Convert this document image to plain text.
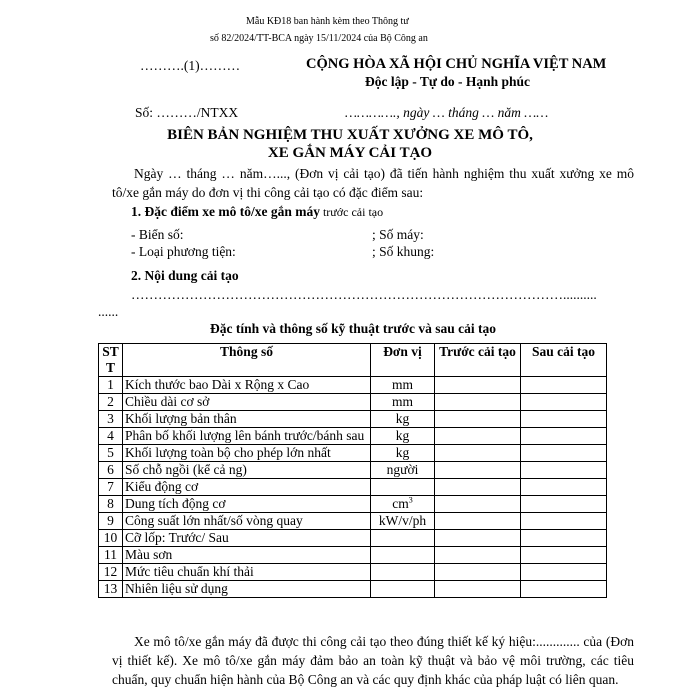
Mẫu KĐ18 ban hành kèm theo Thông tư
số 82/2024/TT-BCA ngày 15/11/2024 của Bộ Công an
……….(1)………	CỘNG HÒA XÃ HỘI CHỦ NGHĨA VIỆT NAM
Độc lập - Tự do - Hạnh phúc
Số: ………/NTXX	…………., ngày … tháng … năm ……
BIÊN BẢN NGHIỆM THU XUẤT XƯỞNG XE MÔ TÔ,
XE GẮN MÁY CẢI TẠO
Ngày … tháng … năm…..., (Đơn vị cải tạo) đã tiến hành nghiệm thu xuất xưởng xe mô tô/xe gắn máy do đơn vị thi công cải tạo có đặc điểm sau:
1. Đặc điểm xe mô tô/xe gắn máy trước cải tạo
- Biển số:	; Số máy:
- Loại phương tiện:	; Số khung:
2. Nội dung cải tạo
……………………………………………………………………………………..........
......
Đặc tính và thông số kỹ thuật trước và sau cải tạo
STT	Thông số	Đơn vị	Trước cải tạo	Sau cải tạo
1	Kích thước bao Dài x Rộng x Cao	mm		
2	Chiều dài cơ sở	mm		
3	Khối lượng bản thân	kg		
4	Phân bố khối lượng lên bánh trước/bánh sau	kg		
5	Khối lượng toàn bộ cho phép lớn nhất	kg		
6	Số chỗ ngồi (kể cả ng)	người		
7	Kiểu động cơ			
8	Dung tích động cơ	$cm^3$		
9	Công suất lớn nhất/số vòng quay	kW/v/ph		
10	Cỡ lốp: Trước/ Sau			
11	Màu sơn			
12	Mức tiêu chuẩn khí thải			
13	Nhiên liệu sử dụng			
Xe mô tô/xe gắn máy đã được thi công cải tạo theo đúng thiết kế ký hiệu:............. của (Đơn vị thiết kế). Xe mô tô/xe gắn máy đảm bảo an toàn kỹ thuật và bảo vệ môi trường, các tiêu chuẩn, quy chuẩn hiện hành của Bộ Công an và các quy định khác của pháp luật có liên quan.
